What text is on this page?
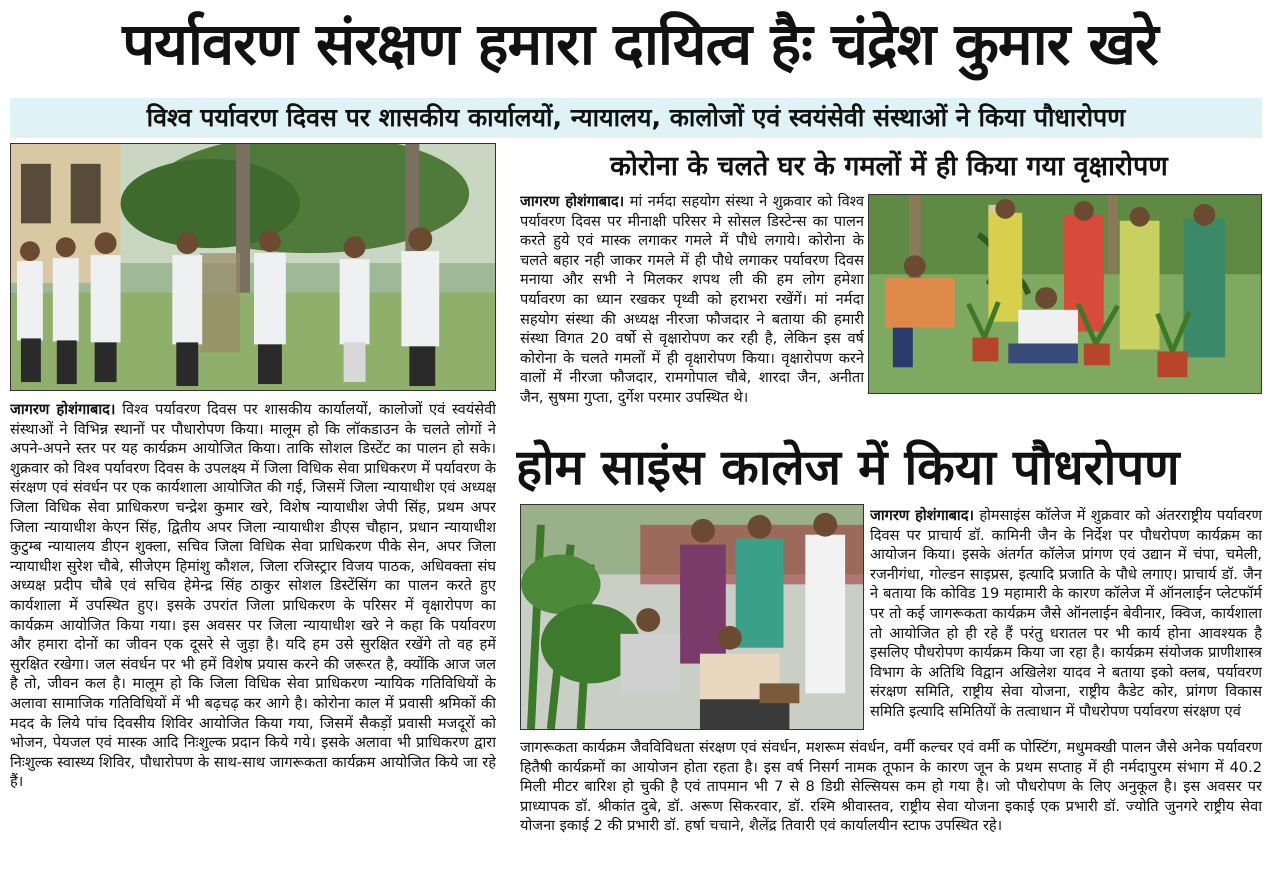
पर्यावरण संरक्षण हमारा दायित्व हैः चंद्रेश कुमार खरे
विश्व पर्यावरण दिवस पर शासकीय कार्यालयों, न्यायालय, कालोजों एवं स्वयंसेवी संस्थाओं ने किया पौधारोपण
जागरण होशंगाबाद। विश्व पर्यावरण दिवस पर शासकीय कार्यालयों, कालोजों एवं स्वयंसेवी संस्थाओं ने विभिन्न स्थानों पर पौधारोपण किया। मालूम हो कि लॉकडाउन के चलते लोगों ने अपने-अपने स्तर पर यह कार्यक्रम आयोजित किया। ताकि सोशल डिस्टेंट का पालन हो सके। शुक्रवार को विश्व पर्यावरण दिवस के उपलक्ष्य में जिला विधिक सेवा प्राधिकरण में पर्यावरण के संरक्षण एवं संवर्धन पर एक कार्यशाला आयोजित की गई, जिसमें जिला न्यायाधीश एवं अध्यक्ष जिला विधिक सेवा प्राधिकरण चन्द्रेश कुमार खरे, विशेष न्यायाधीश जेपी सिंह, प्रथम अपर जिला न्यायाधीश केएन सिंह, द्वितीय अपर जिला न्यायाधीश डीएस चौहान, प्रधान न्यायाधीश कुटुम्ब न्यायालय डीएन शुक्ला, सचिव जिला विधिक सेवा प्राधिकरण पीके सेन, अपर जिला न्यायाधीश सुरेश चौबे, सीजेएम हिमांशु कौशल, जिला रजिस्ट्रार विजय पाठक, अधिवक्ता संघ अध्यक्ष प्रदीप चौबे एवं सचिव हेमेन्द्र सिंह ठाकुर सोशल डिस्टेंसिंग का पालन करते हुए कार्यशाला में उपस्थित हुए। इसके उपरांत जिला प्राधिकरण के परिसर में वृक्षारोपण का कार्यक्रम आयोजित किया गया। इस अवसर पर जिला न्यायाधीश खरे ने कहा कि पर्यावरण और हमारा दोनों का जीवन एक दूसरे से जुड़ा है। यदि हम उसे सुरक्षित रखेंगे तो वह हमें सुरक्षित रखेगा। जल संवर्धन पर भी हमें विशेष प्रयास करने की जरूरत है, क्योंकि आज जल है तो, जीवन कल है। मालूम हो कि जिला विधिक सेवा प्राधिकरण न्यायिक गतिविधियों के अलावा सामाजिक गतिविधियों में भी बढ़चढ़ कर आगे है। कोरोना काल में प्रवासी श्रमिकों की मदद के लिये पांच दिवसीय शिविर आयोजित किया गया, जिसमें सैकड़ों प्रवासी मजदूरों को भोजन, पेयजल एवं मास्क आदि निःशुल्क प्रदान किये गये। इसके अलावा भी प्राधिकरण द्वारा निःशुल्क स्वास्थ्य शिविर, पौधारोपण के साथ-साथ जागरूकता कार्यक्रम आयोजित किये जा रहे हैं।
कोरोना के चलते घर के गमलों में ही किया गया वृक्षारोपण
जागरण होशंगाबाद। मां नर्मदा सहयोग संस्था ने शुक्रवार को विश्व पर्यावरण दिवस पर मीनाक्षी परिसर मे सोसल डिस्टेन्स का पालन करते हुये एवं मास्क लगाकर गमले में पौधे लगाये। कोरोना के चलते बहार नही जाकर गमले में ही पौधे लगाकर पर्यावरण दिवस मनाया और सभी ने मिलकर शपथ ली की हम लोग हमेशा पर्यावरण का ध्यान रखकर पृथ्वी को हराभरा रखेंगें। मां नर्मदा सहयोग संस्था की अध्यक्ष नीरजा फौजदार ने बताया की हमारी संस्था विगत 20 वर्षो से वृक्षारोपण कर रही है, लेकिन इस वर्ष कोरोना के चलते गमलों में ही वृक्षारोपण किया। वृक्षारोपण करने वालों में नीरजा फौजदार, रामगोपाल चौबे, शारदा जैन, अनीता जैन, सुषमा गुप्ता, दुर्गेश परमार उपस्थित थे।
होम साइंस कालेज में किया पौधरोपण
जागरण होशंगाबाद। होमसाइंस कॉलेज में शुक्रवार को अंतरराष्ट्रीय पर्यावरण दिवस पर प्राचार्य डॉ. कामिनी जैन के निर्देश पर पौधरोपण कार्यक्रम का आयोजन किया। इसके अंतर्गत कॉलेज प्रांगण एवं उद्यान में चंपा, चमेली, रजनीगंधा, गोल्डन साइप्रस, इत्यादि प्रजाति के पौधे लगाए। प्राचार्य डॉ. जैन ने बताया कि कोविड 19 महामारी के कारण कॉलेज में ऑनलाईन प्लेटफॉर्म पर तो कई जागरूकता कार्यक्रम जैसे ऑनलाईन बेवीनार, क्विज, कार्यशाला तो आयोजित हो ही रहे हैं परंतु धरातल पर भी कार्य होना आवश्यक है इसलिए पौधरोपण कार्यक्रम किया जा रहा है। कार्यक्रम संयोजक प्राणीशास्त्र विभाग के अतिथि विद्वान अखिलेश यादव ने बताया इको क्लब, पर्यावरण संरक्षण समिति, राष्ट्रीय सेवा योजना, राष्ट्रीय कैडेट कोर, प्रांगण विकास समिति इत्यादि समितियों के तत्वाधान में पौधरोपण पर्यावरण संरक्षण एवं
जागरूकता कार्यक्रम जैवविविधता संरक्षण एवं संवर्धन, मशरूम संवर्धन, वर्मी कल्चर एवं वर्मी क पोस्टिंग, मधुमक्खी पालन जैसे अनेक पर्यावरण हितैषी कार्यक्रमों का आयोजन होता रहता है। इस वर्ष निसर्ग नामक तूफान के कारण जून के प्रथम सप्ताह में ही नर्मदापुरम संभाग में 40.2 मिली मीटर बारिश हो चुकी है एवं तापमान भी 7 से 8 डिग्री सेल्सियस कम हो गया है। जो पौधरोपण के लिए अनुकूल है। इस अवसर पर प्राध्यापक डॉ. श्रीकांत दुबे, डॉ. अरूण सिकरवार, डॉ. रश्मि श्रीवास्तव, राष्ट्रीय सेवा योजना इकाई एक प्रभारी डॉ. ज्योति जुनगरे राष्ट्रीय सेवा योजना इकाई 2 की प्रभारी डॉ. हर्षा चचाने, शैलेंद्र तिवारी एवं कार्यालयीन स्टाफ उपस्थित रहे।
